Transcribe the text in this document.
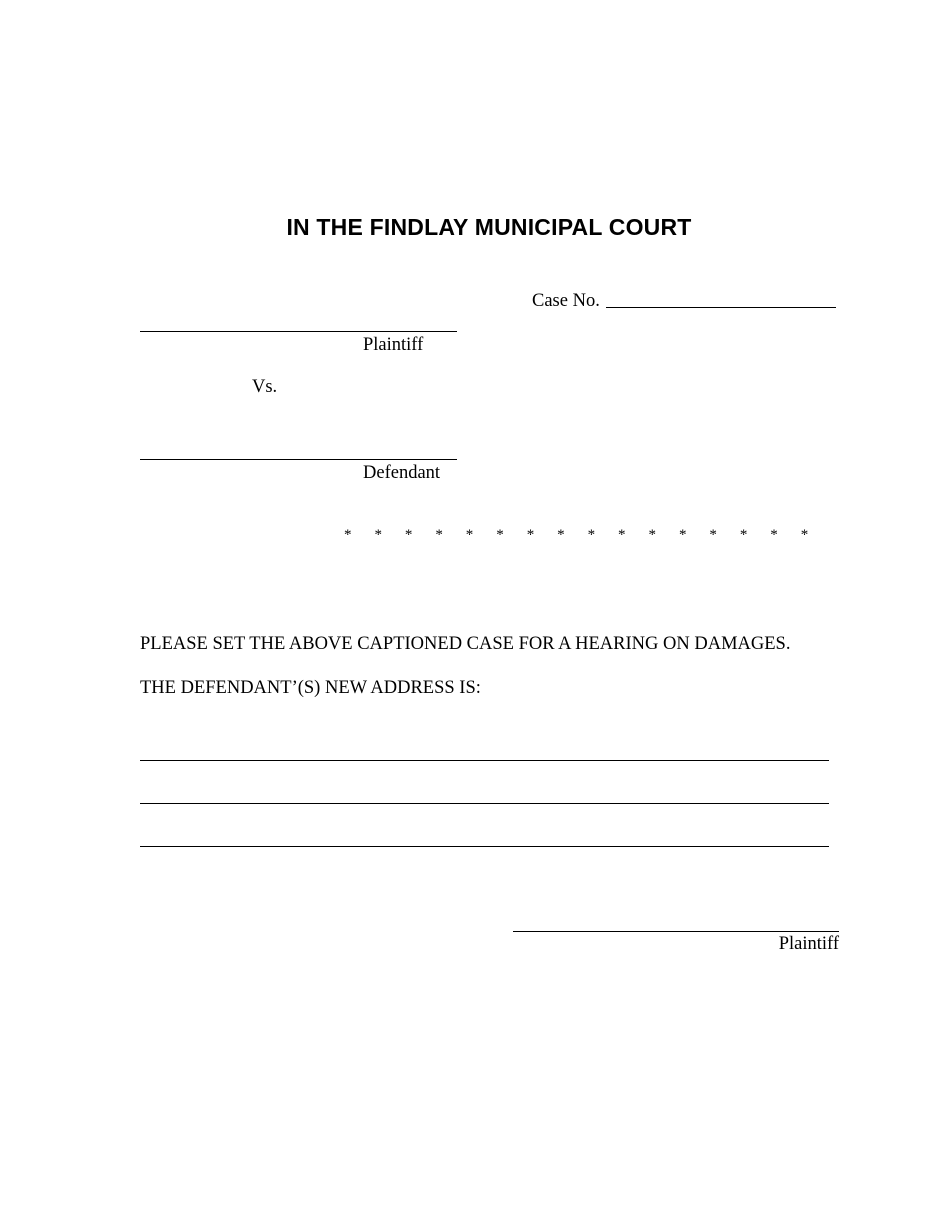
IN THE FINDLAY MUNICIPAL COURT
Case No.
Plaintiff
Vs.
Defendant
* * * * * * * * * * * * * * * *
PLEASE SET THE ABOVE CAPTIONED CASE FOR A HEARING ON DAMAGES.
THE DEFENDANT’(S) NEW ADDRESS IS:
Plaintiff
